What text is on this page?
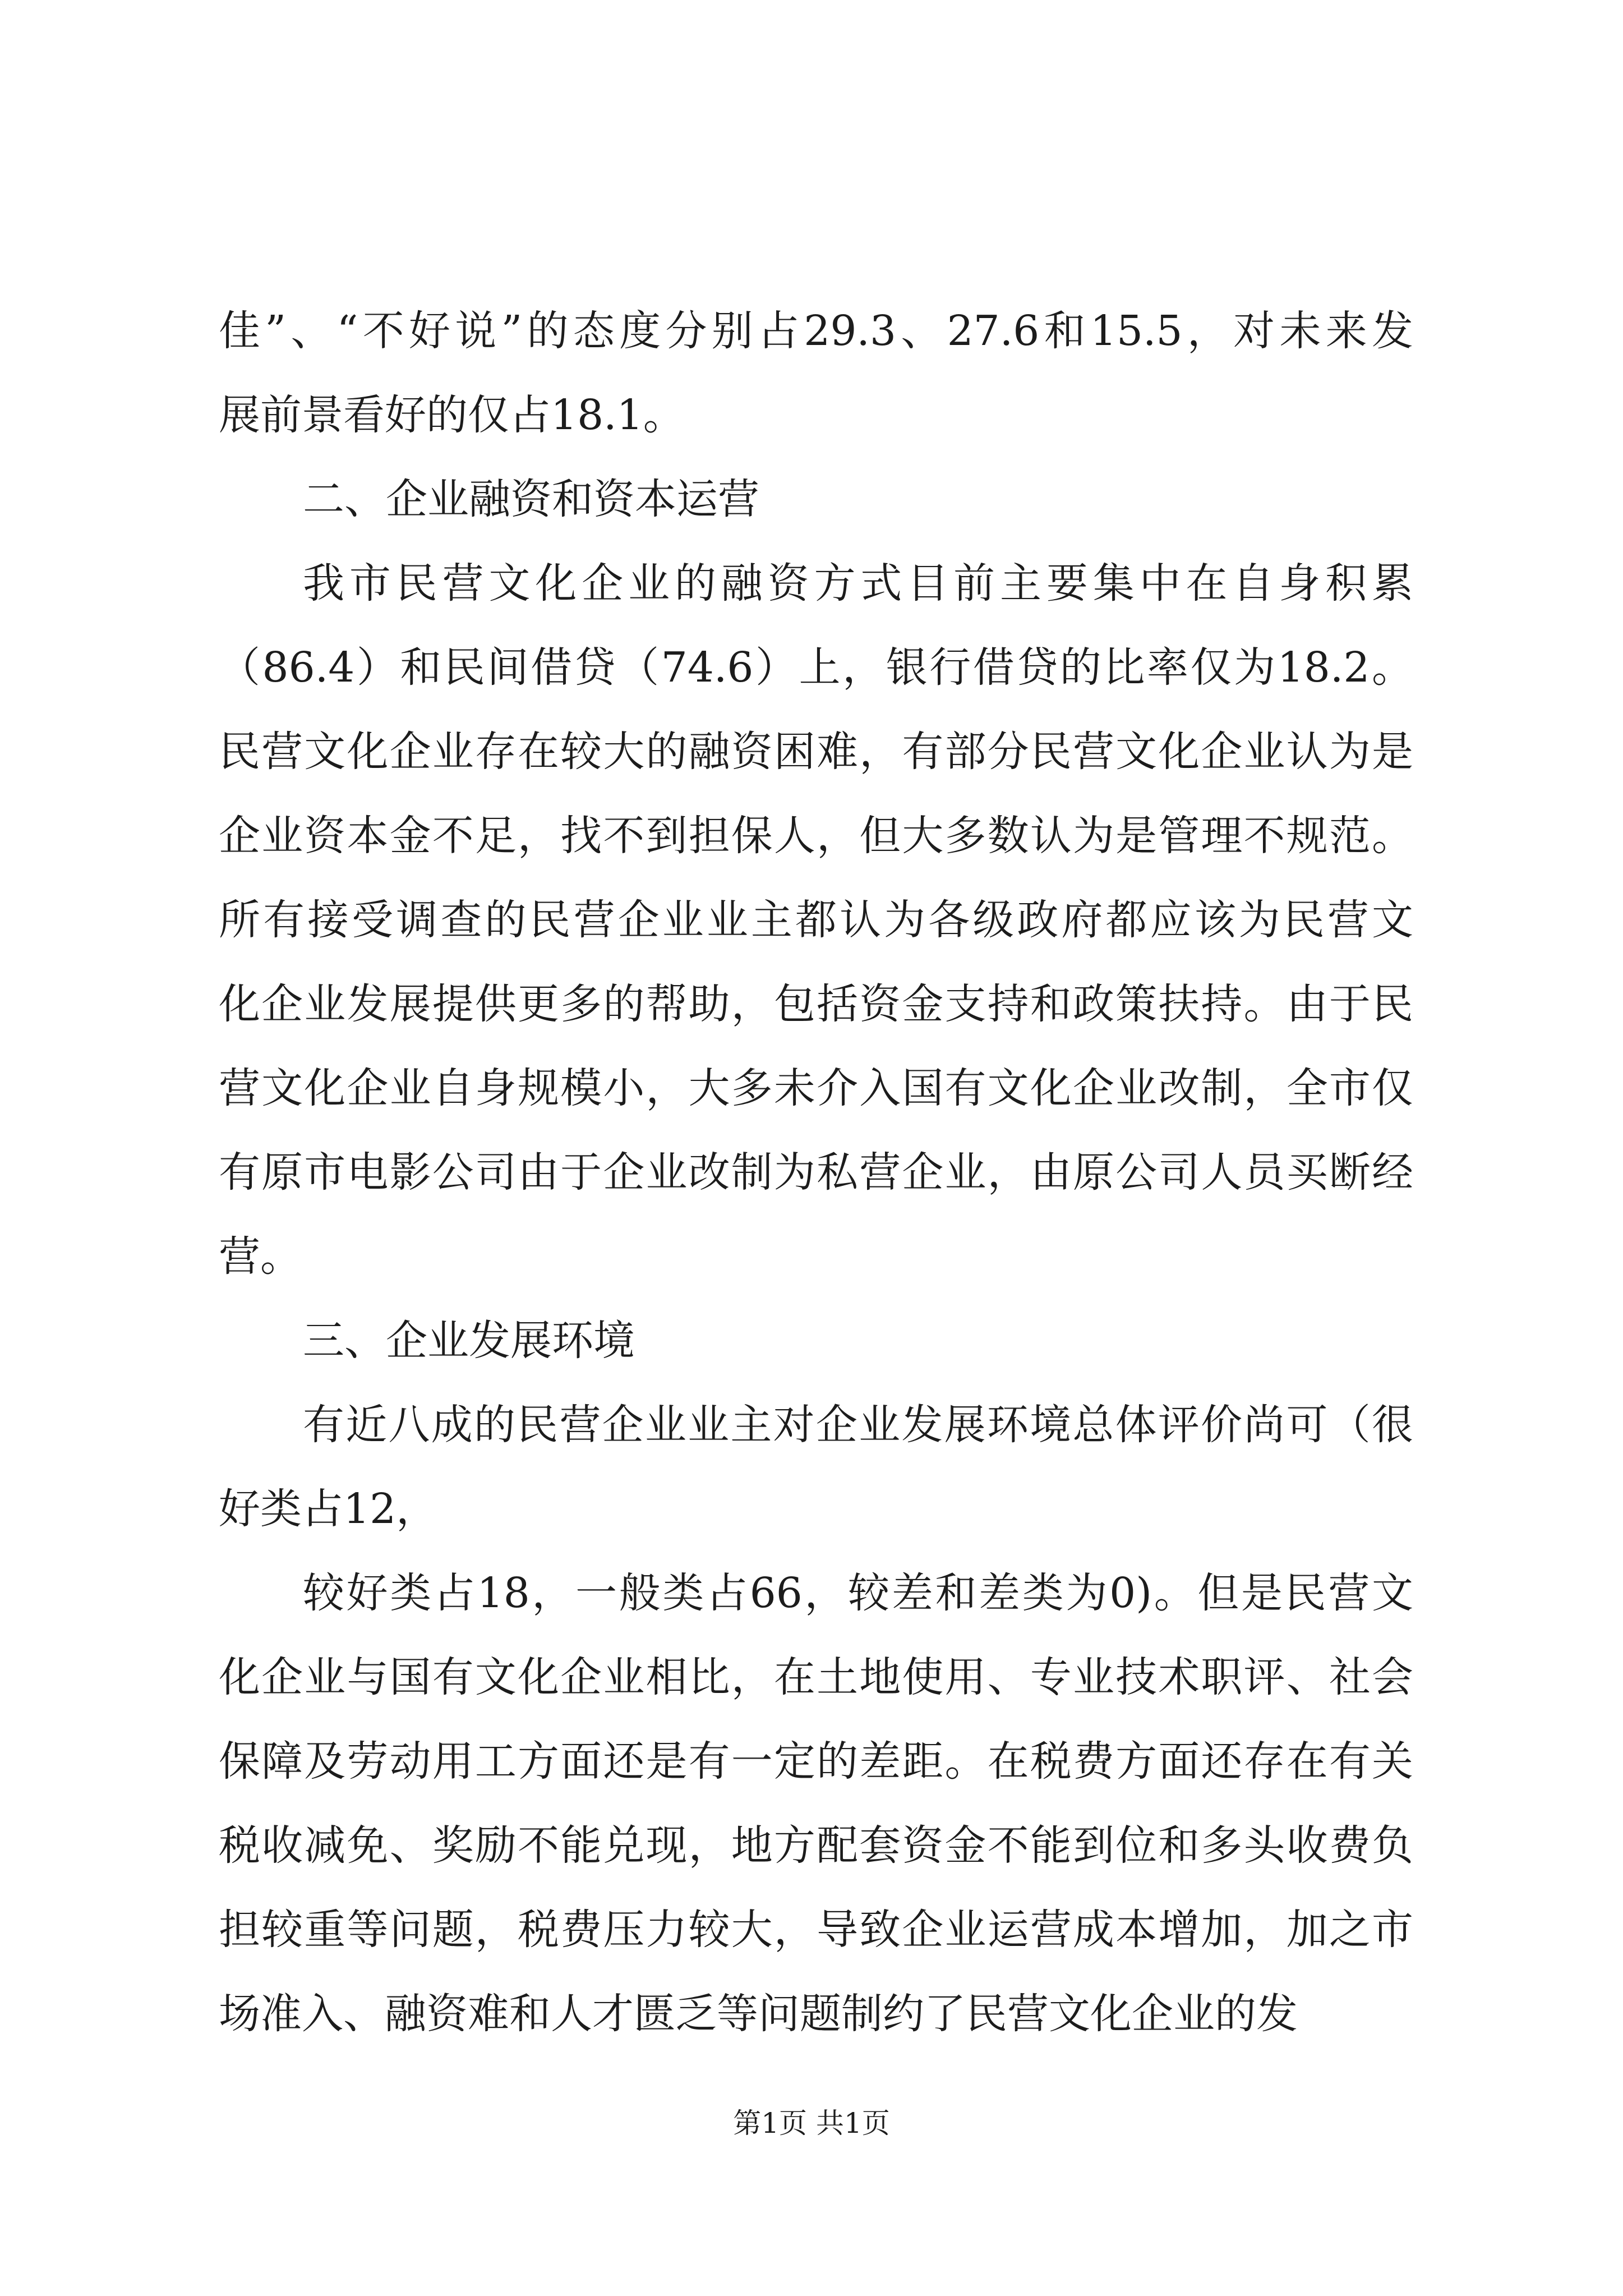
佳”、“不好说”的态度分别占29.3、27.6和15.5，对未来发
展前景看好的仅占18.1。
二、企业融资和资本运营
我市民营文化企业的融资方式目前主要集中在自身积累
（86.4）和民间借贷（74.6）上，银行借贷的比率仅为18.2。
民营文化企业存在较大的融资困难，有部分民营文化企业认为是
企业资本金不足，找不到担保人，但大多数认为是管理不规范。
所有接受调查的民营企业业主都认为各级政府都应该为民营文
化企业发展提供更多的帮助，包括资金支持和政策扶持。由于民
营文化企业自身规模小，大多未介入国有文化企业改制，全市仅
有原市电影公司由于企业改制为私营企业，由原公司人员买断经
营。
三、企业发展环境
有近八成的民营企业业主对企业发展环境总体评价尚可（很
好类占12，
较好类占18，一般类占66，较差和差类为0)。但是民营文
化企业与国有文化企业相比，在土地使用、专业技术职评、社会
保障及劳动用工方面还是有一定的差距。在税费方面还存在有关
税收减免、奖励不能兑现，地方配套资金不能到位和多头收费负
担较重等问题，税费压力较大，导致企业运营成本增加，加之市
场准入、融资难和人才匮乏等问题制约了民营文化企业的发
第1页 共1页
